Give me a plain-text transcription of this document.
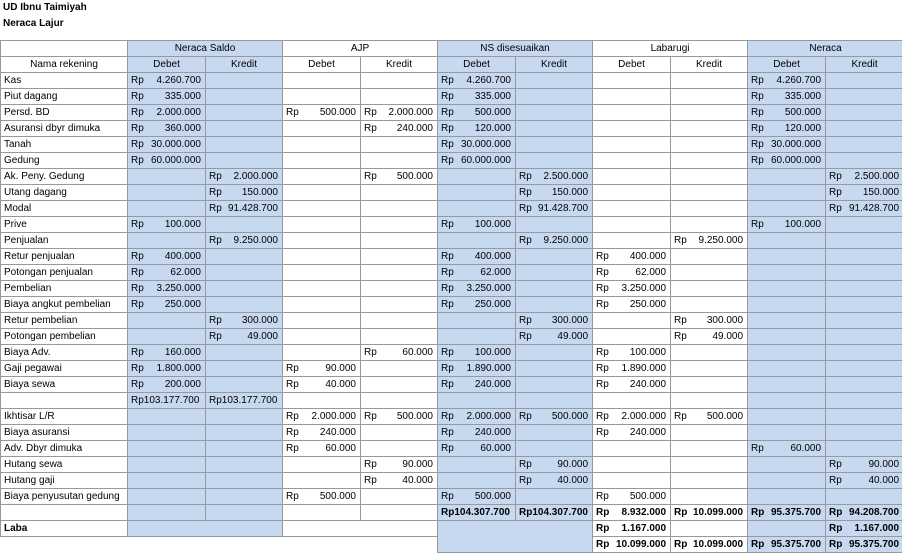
UD Ibnu Taimiyah
Neraca Lajur
	Neraca Saldo		AJP		NS disesuaikan		Labarugi		Neraca	
Nama rekening	Debet	Kredit	Debet	Kredit	Debet	Kredit	Debet	Kredit	Debet	Kredit
Kas	Rp 4.260.700				Rp 4.260.700				Rp 4.260.700	

Piut dagang	Rp 335.000				Rp 335.000				Rp 335.000	

Persd. BD	Rp 2.000.000		Rp 500.000	Rp 2.000.000	Rp 500.000				Rp 500.000	

Asuransi dbyr dimuka	Rp 360.000			Rp 240.000	Rp 120.000				Rp 120.000	

Tanah	Rp 30.000.000				Rp 30.000.000				Rp 30.000.000	

Gedung	Rp 60.000.000				Rp 60.000.000				Rp 60.000.000	

Ak. Peny. Gedung		Rp 2.000.000		Rp 500.000		Rp 2.500.000				Rp 2.500.000

Utang dagang		Rp 150.000				Rp 150.000				Rp 150.000

Modal		Rp 91.428.700				Rp 91.428.700				Rp 91.428.700

Prive	Rp 100.000				Rp 100.000				Rp 100.000	

Penjualan		Rp 9.250.000				Rp 9.250.000		Rp 9.250.000		

Retur penjualan	Rp 400.000				Rp 400.000		Rp 400.000			

Potongan penjualan	Rp 62.000				Rp 62.000		Rp 62.000			

Pembelian	Rp 3.250.000				Rp 3.250.000		Rp 3.250.000			

Biaya angkut pembelian	Rp 250.000				Rp 250.000		Rp 250.000			

Retur pembelian		Rp 300.000				Rp 300.000		Rp 300.000		

Potongan pembelian		Rp 49.000				Rp 49.000		Rp 49.000		

Biaya Adv.	Rp 160.000			Rp 60.000	Rp 100.000		Rp 100.000			

Gaji pegawai	Rp 1.800.000		Rp 90.000		Rp 1.890.000		Rp 1.890.000			

Biaya sewa	Rp 200.000		Rp 40.000		Rp 240.000		Rp 240.000			

	Rp103.177.700	Rp103.177.700								
Ikhtisar L/R			Rp 2.000.000	Rp 500.000	Rp 2.000.000	Rp 500.000	Rp 2.000.000	Rp 500.000		

Biaya asuransi			Rp 240.000		Rp 240.000		Rp 240.000			

Adv. Dbyr dimuka			Rp 60.000		Rp 60.000				Rp 60.000	

Hutang sewa				Rp 90.000		Rp 90.000				Rp 90.000

Hutang gaji				Rp 40.000		Rp 40.000				Rp 40.000

Biaya penyusutan gedung			Rp 500.000		Rp 500.000		Rp 500.000			

					Rp104.307.700	Rp104.307.700	Rp 8.932.000	Rp 10.099.000	Rp 95.375.700	Rp 94.208.700

Laba							Rp 1.167.000			Rp 1.167.000

							Rp 10.099.000	Rp 10.099.000	Rp 95.375.700	Rp 95.375.700
